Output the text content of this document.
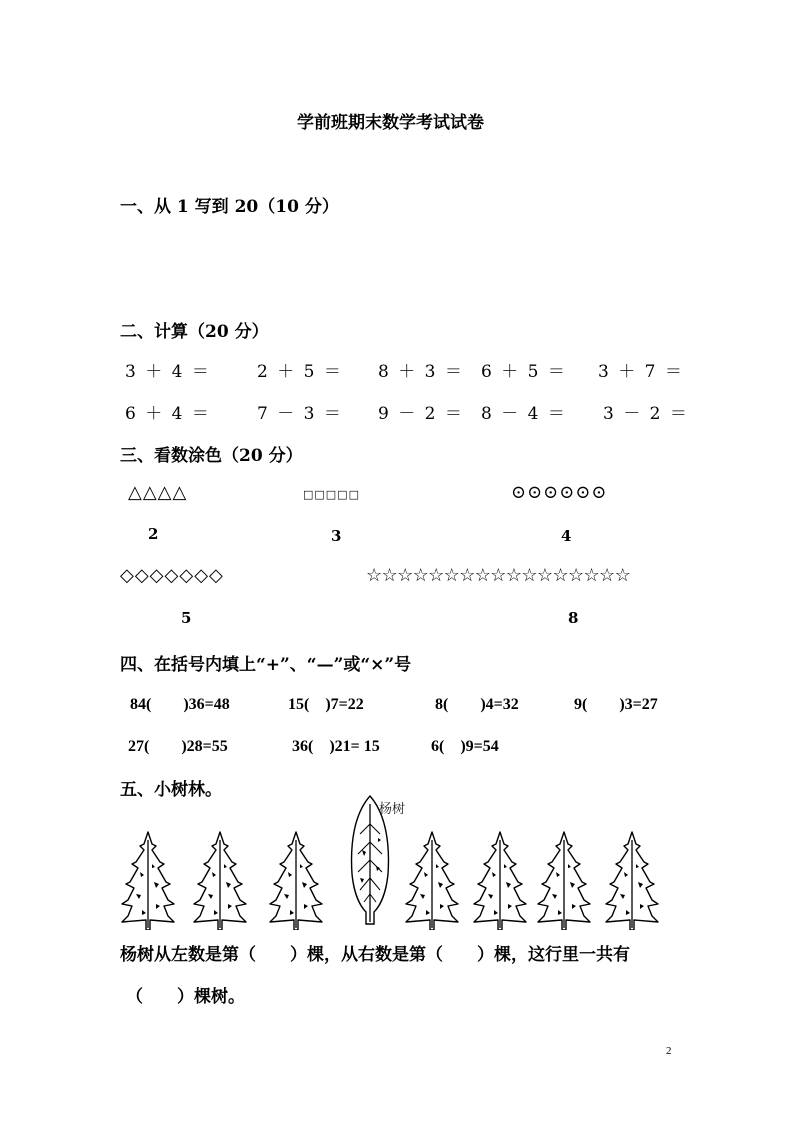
学前班期末数学考试试卷
一、从 1 写到 20（10 分）
二、计算（20 分）
3 ＋ 4 ＝	2 ＋ 5 ＝ 8 ＋ 3 ＝ 6 ＋ 5 ＝ 3 ＋ 7 ＝
6 ＋ 4 ＝	7 － 3 ＝ 9 － 2 ＝ 8 － 4 ＝ 3 － 2 ＝
三、看数涂色（20 分）
△△△△	□□□□□	⊙⊙⊙⊙⊙⊙
2	3	4
◇◇◇◇◇◇◇	☆☆☆☆☆☆☆☆☆☆☆☆☆☆☆☆☆
5	8
四、在括号内填上“+”、“—”或“×”号
84(　　)36=48	15(　)7=22	8(　　)4=32	9(　　)3=27
27(　　)28=55	36(　)21= 15	6(　)9=54
五、小树林。
杨树
杨树从左数是第（　　）棵，从右数是第（　　）棵，这行里一共有
（　　）棵树。
2
